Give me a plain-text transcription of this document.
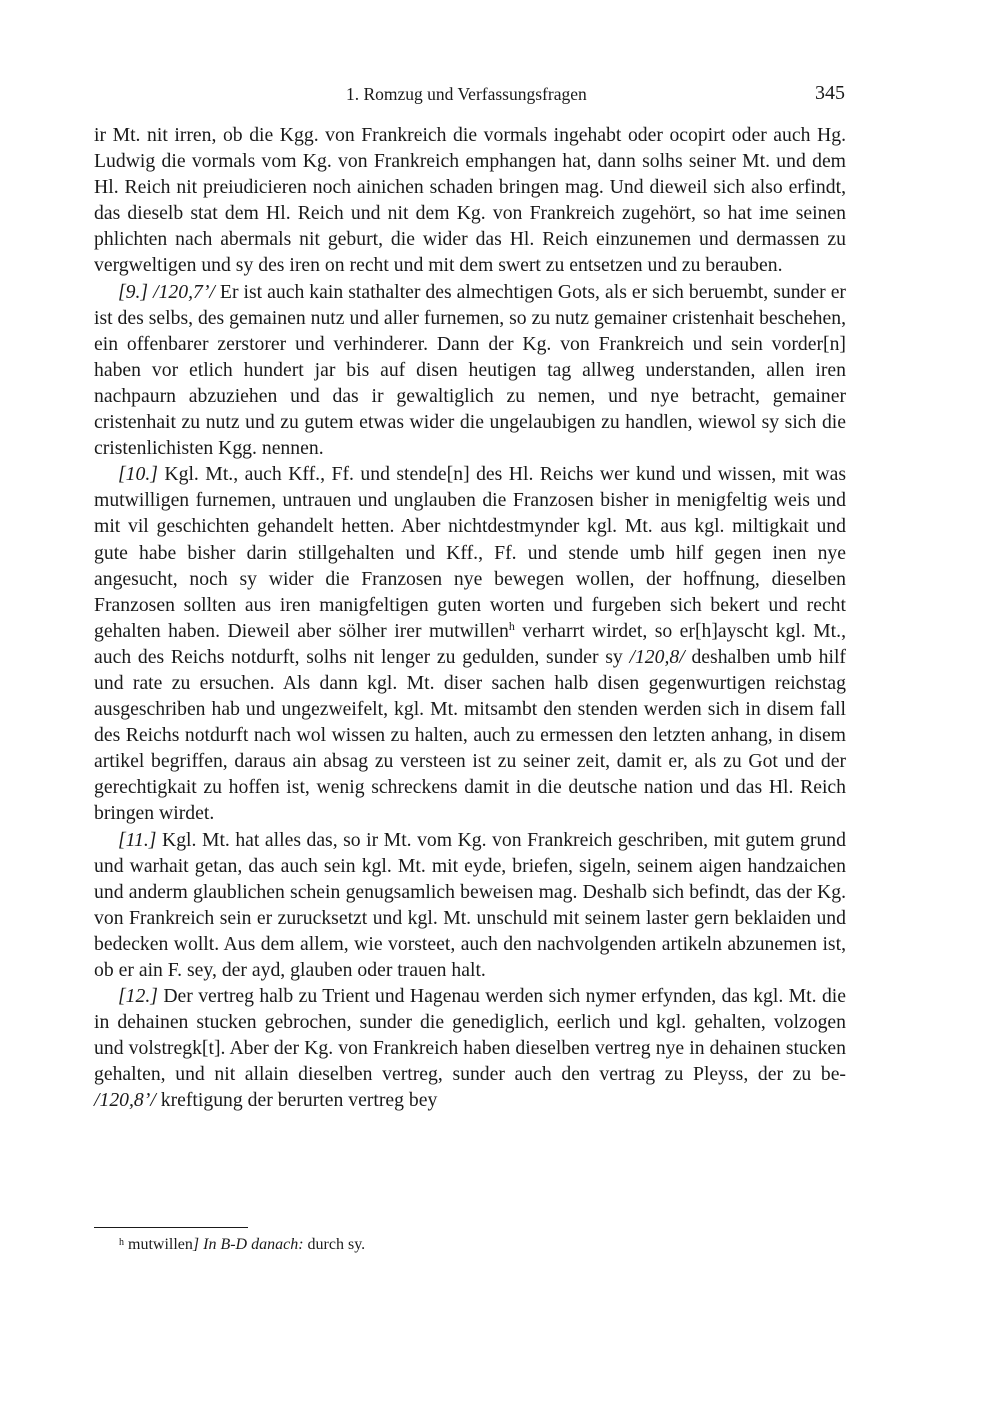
1. Romzug und Verfassungsfragen	345

ir Mt. nit irren, ob die Kgg. von Frankreich die vormals ingehabt oder ocopirt oder auch Hg. Ludwig die vormals vom Kg. von Frankreich emphangen hat, dann solhs seiner Mt. und dem Hl. Reich nit preiudicieren noch ainichen schaden bringen mag. Und dieweil sich also erfindt, das dieselb stat dem Hl. Reich und nit dem Kg. von Frankreich zugehört, so hat ime seinen phlichten nach abermals nit geburt, die wider das Hl. Reich einzunemen und dermassen zu vergweltigen und sy des iren on recht und mit dem swert zu entsetzen und zu berauben.

[9.] /120,7’/ Er ist auch kain stathalter des almechtigen Gots, als er sich beruembt, sunder er ist des selbs, des gemainen nutz und aller furnemen, so zu nutz gemainer cristenhait beschehen, ein offenbarer zerstorer und verhinderer. Dann der Kg. von Frankreich und sein vorder[n] haben vor etlich hundert jar bis auf disen heutigen tag allweg understanden, allen iren nachpaurn abzuziehen und das ir gewaltiglich zu nemen, und nye betracht, gemainer cristenhait zu nutz und zu gutem etwas wider die ungelaubigen zu handlen, wiewol sy sich die cristenlichisten Kgg. nennen.

[10.] Kgl. Mt., auch Kff., Ff. und stende[n] des Hl. Reichs wer kund und wissen, mit was mutwilligen furnemen, untrauen und unglauben die Franzosen bisher in menigfeltig weis und mit vil geschichten gehandelt hetten. Aber nichtdestmynder kgl. Mt. aus kgl. miltigkait und gute habe bisher darin stillgehalten und Kff., Ff. und stende umb hilf gegen inen nye angesucht, noch sy wider die Franzosen nye bewegen wollen, der hoffnung, dieselben Franzosen sollten aus iren manigfeltigen guten worten und furgeben sich bekert und recht gehalten haben. Dieweil aber sölher irer mutwillen$^h$ verharrt wirdet, so er[h]ayscht kgl. Mt., auch des Reichs notdurft, solhs nit lenger zu gedulden, sunder sy /120,8/ deshalben umb hilf und rate zu ersuchen. Als dann kgl. Mt. diser sachen halb disen gegenwurtigen reichstag ausgeschriben hab und ungezweifelt, kgl. Mt. mitsambt den stenden werden sich in disem fall des Reichs notdurft nach wol wissen zu halten, auch zu ermessen den letzten anhang, in disem artikel begriffen, daraus ain absag zu versteen ist zu seiner zeit, damit er, als zu Got und der gerechtigkait zu hoffen ist, wenig schreckens damit in die deutsche nation und das Hl. Reich bringen wirdet.

[11.] Kgl. Mt. hat alles das, so ir Mt. vom Kg. von Frankreich geschriben, mit gutem grund und warhait getan, das auch sein kgl. Mt. mit eyde, briefen, sigeln, seinem aigen handzaichen und anderm glaublichen schein genugsamlich beweisen mag. Deshalb sich befindt, das der Kg. von Frankreich sein er zurucksetzt und kgl. Mt. unschuld mit seinem laster gern beklaiden und bedecken wollt. Aus dem allem, wie vorsteet, auch den nachvolgenden artikeln abzunemen ist, ob er ain F. sey, der ayd, glauben oder trauen halt.

[12.] Der vertreg halb zu Trient und Hagenau werden sich nymer erfynden, das kgl. Mt. die in dehainen stucken gebrochen, sunder die genediglich, eerlich und kgl. gehalten, volzogen und volstregk[t]. Aber der Kg. von Frankreich haben dieselben vertreg nye in dehainen stucken gehalten, und nit allain dieselben vertreg, sunder auch den vertrag zu Pleyss, der zu be- /120,8’/ kreftigung der berurten vertreg bey

$^h$ mutwillen] In B-D danach: durch sy.
